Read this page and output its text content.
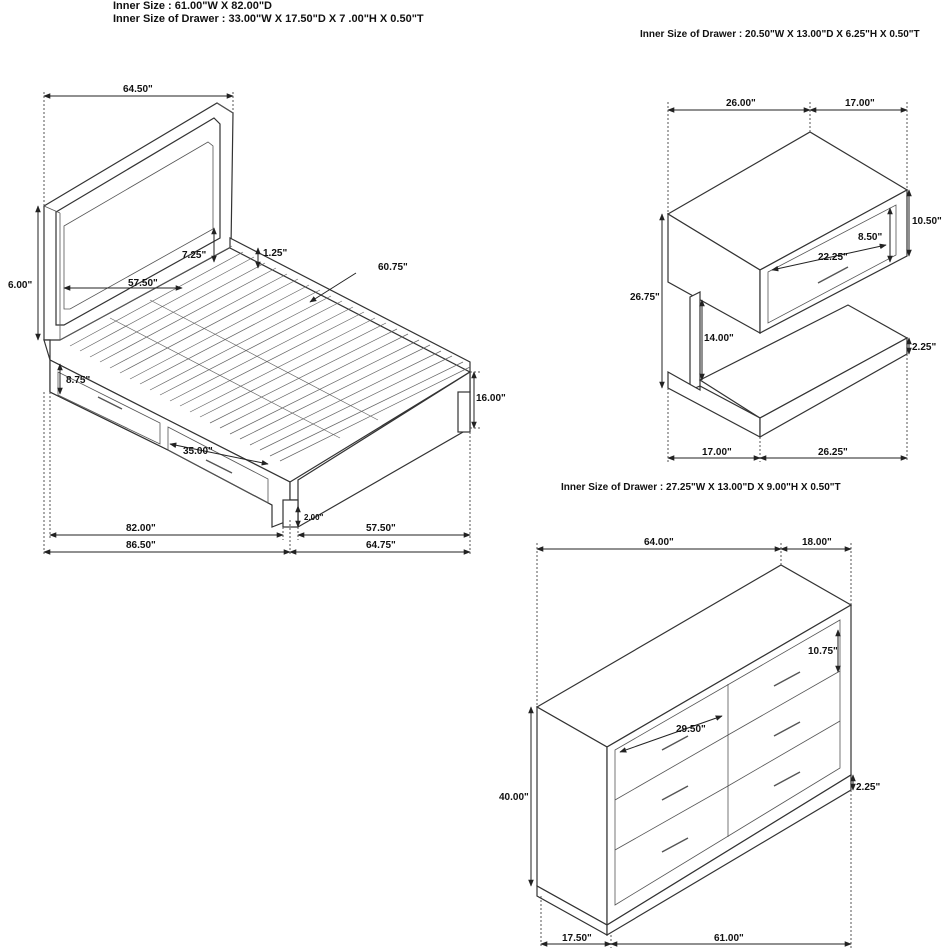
Inner Size : 61.00"W X 82.00"D
Inner Size of Drawer : 33.00"W X 17.50"D X 7 .00"H X 0.50"T
Inner Size of Drawer : 20.50"W X 13.00"D X 6.25"H X 0.50"T
Inner Size of Drawer : 27.25"W X 13.00"D X 9.00"H X 0.50"T
64.50"
6.00"
7.25"	1.25"
60.75"
57.50"
8.75"
35.00"
16.00"
2.00"
82.00"
86.50"
57.50"
64.75"
26.00"	17.00"
10.50"
8.50"
22.25"
26.75"
14.00"
2.25"
17.00"	26.25"
64.00"	18.00"
10.75"
29.50"
40.00"
2.25"
17.50"	61.00"
